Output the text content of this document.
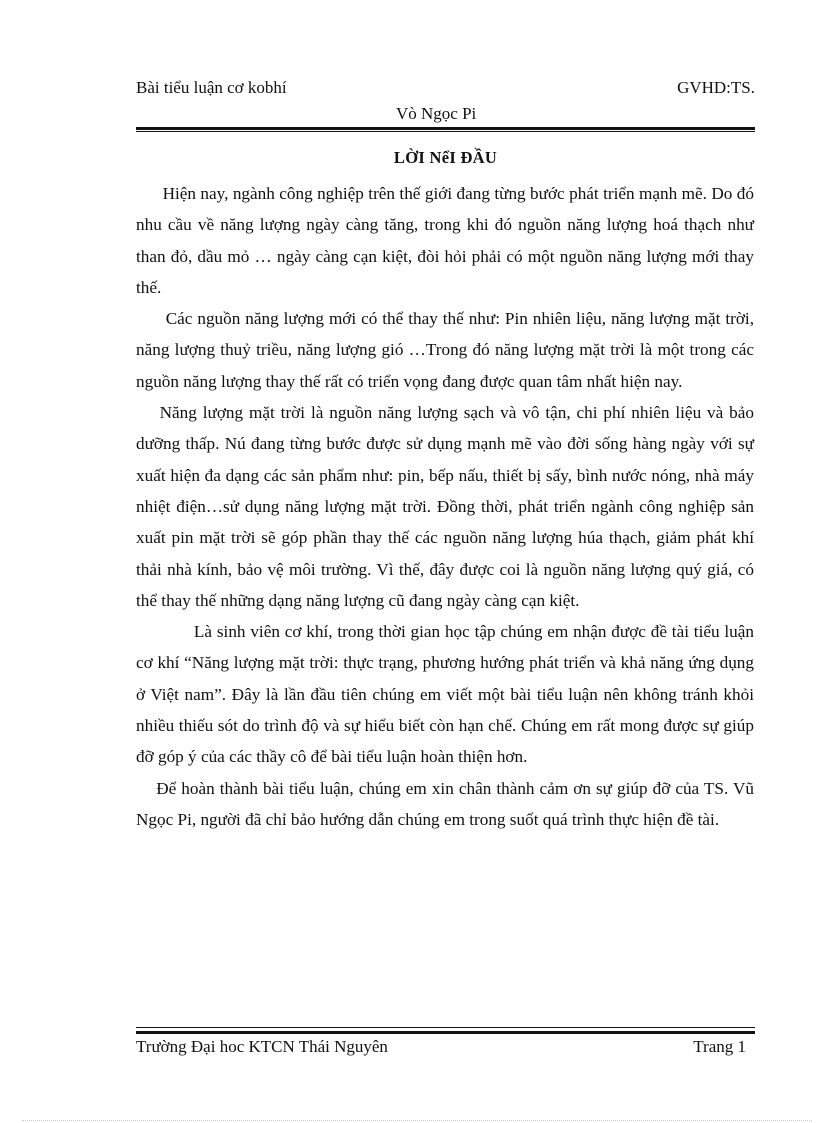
Bài tiểu luận cơ kobhí	GVHD:TS.
Vò Ngọc Pi
LỜI NểI ĐẦU

Hiện nay, ngành công nghiệp trên thế giới đang từng bước phát triển mạnh mẽ. Do đó nhu cầu về năng lượng ngày càng tăng, trong khi đó nguồn năng lượng hoá thạch như than đỏ, dầu mỏ … ngày càng cạn kiệt, đòi hỏi phải có một nguồn năng lượng mới thay thế.

Các nguồn năng lượng mới có thể thay thế như: Pin nhiên liệu, năng lượng mặt trời, năng lượng thuỷ triều, năng lượng gió …Trong đó năng lượng mặt trời là một trong các nguồn năng lượng thay thế rất có triển vọng đang được quan tâm nhất hiện nay.

Năng lượng mặt trời là nguồn năng lượng sạch và vô tận, chi phí nhiên liệu và bảo dưỡng thấp. Nú đang từng bước được sử dụng mạnh mẽ vào đời sống hàng ngày với sự xuất hiện đa dạng các sản phẩm như: pin, bếp nấu, thiết bị sấy, bình nước nóng, nhà máy nhiệt điện…sử dụng năng lượng mặt trời. Đồng thời, phát triển ngành công nghiệp sản xuất pin mặt trời sẽ góp phần thay thế các nguồn năng lượng húa thạch, giảm phát khí thải nhà kính, bảo vệ môi trường. Vì thế, đây được coi là nguồn năng lượng quý giá, có thể thay thế những dạng năng lượng cũ đang ngày càng cạn kiệt.

Là sinh viên cơ khí, trong thời gian học tập chúng em nhận được đề tài tiểu luận cơ khí “Năng lượng mặt trời: thực trạng, phương hướng phát triển và khả năng ứng dụng ở Việt nam”. Đây là lần đầu tiên chúng em viết một bài tiểu luận nên không tránh khỏi nhiều thiếu sót do trình độ và sự hiểu biết còn hạn chế. Chúng em rất mong được sự giúp đỡ góp ý của các thầy cô để bài tiểu luận hoàn thiện hơn.

Để hoàn thành bài tiểu luận, chúng em xin chân thành cảm ơn sự giúp đỡ của TS. Vũ Ngọc Pi, người đã chỉ bảo hướng dẫn chúng em trong suốt quá trình thực hiện đề tài.

Trường Đại hoc KTCN Thái Nguyên	Trang 1
